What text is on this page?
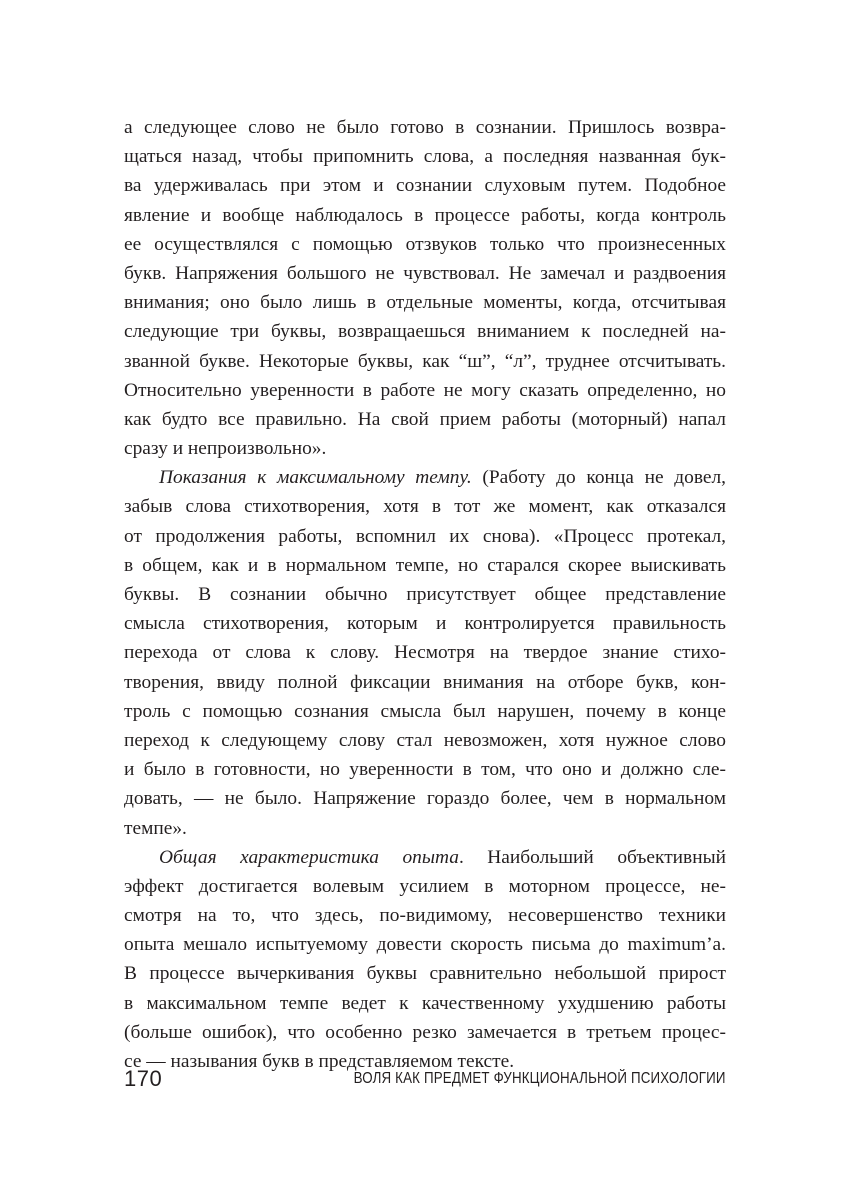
а следующее слово не было готово в сознании. Пришлось возвра-
щаться назад, чтобы припомнить слова, а последняя названная бук-
ва удерживалась при этом и сознании слуховым путем. Подобное
явление и вообще наблюдалось в процессе работы, когда контроль
ее осуществлялся с помощью отзвуков только что произнесенных
букв. Напряжения большого не чувствовал. Не замечал и раздвоения
внимания; оно было лишь в отдельные моменты, когда, отсчитывая
следующие три буквы, возвращаешься вниманием к последней на-
званной букве. Некоторые буквы, как “ш”, “л”, труднее отсчитывать.
Относительно уверенности в работе не могу сказать определенно, но
как будто все правильно. На свой прием работы (моторный) напал
сразу и непроизвольно».
Показания к максимальному темпу. (Работу до конца не довел,
забыв слова стихотворения, хотя в тот же момент, как отказался
от продолжения работы, вспомнил их снова). «Процесс протекал,
в общем, как и в нормальном темпе, но старался скорее выискивать
буквы. В сознании обычно присутствует общее представление
смысла стихотворения, которым и контролируется правильность
перехода от слова к слову. Несмотря на твердое знание стихо-
творения, ввиду полной фиксации внимания на отборе букв, кон-
троль с помощью сознания смысла был нарушен, почему в конце
переход к следующему слову стал невозможен, хотя нужное слово
и было в готовности, но уверенности в том, что оно и должно сле-
довать, — не было. Напряжение гораздо более, чем в нормальном
темпе».
Общая характеристика опыта. Наибольший объективный
эффект достигается волевым усилием в моторном процессе, не-
смотря на то, что здесь, по-видимому, несовершенство техники
опыта мешало испытуемому довести скорость письма до maximum’a.
В процессе вычеркивания буквы сравнительно небольшой прирост
в максимальном темпе ведет к качественному ухудшению работы
(больше ошибок), что особенно резко замечается в третьем процес-
се — называния букв в представляемом тексте.
170	ВОЛЯ КАК ПРЕДМЕТ ФУНКЦИОНАЛЬНОЙ ПСИХОЛОГИИ
